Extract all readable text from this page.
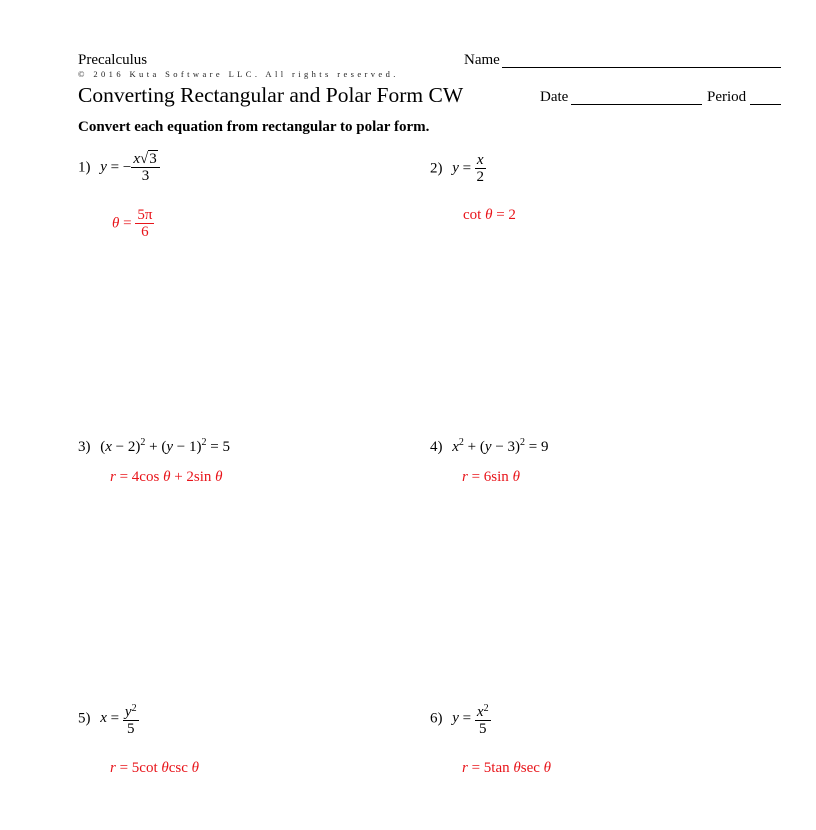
Precalculus
© 2016 Kuta Software LLC. All rights reserved.
Converting Rectangular and Polar Form CW
Name
Date	Period
Convert each equation from rectangular to polar form.
1) y = − $\frac{x√3}{3}$
$\theta = \frac{5\pi}{6}$
2) $y = \frac{x}{2}$
cot θ = 2
3) $(x - 2)^2 + (y - 1)^2 = 5$
r = 4cos θ + 2sin θ
4) $x^2 + (y - 3)^2 = 9$
r = 6sin θ
5) $x = \frac{y^2}{5}$
r = 5cot θcsc θ
6) $y = \frac{x^2}{5}$
r = 5tan θsec θ
